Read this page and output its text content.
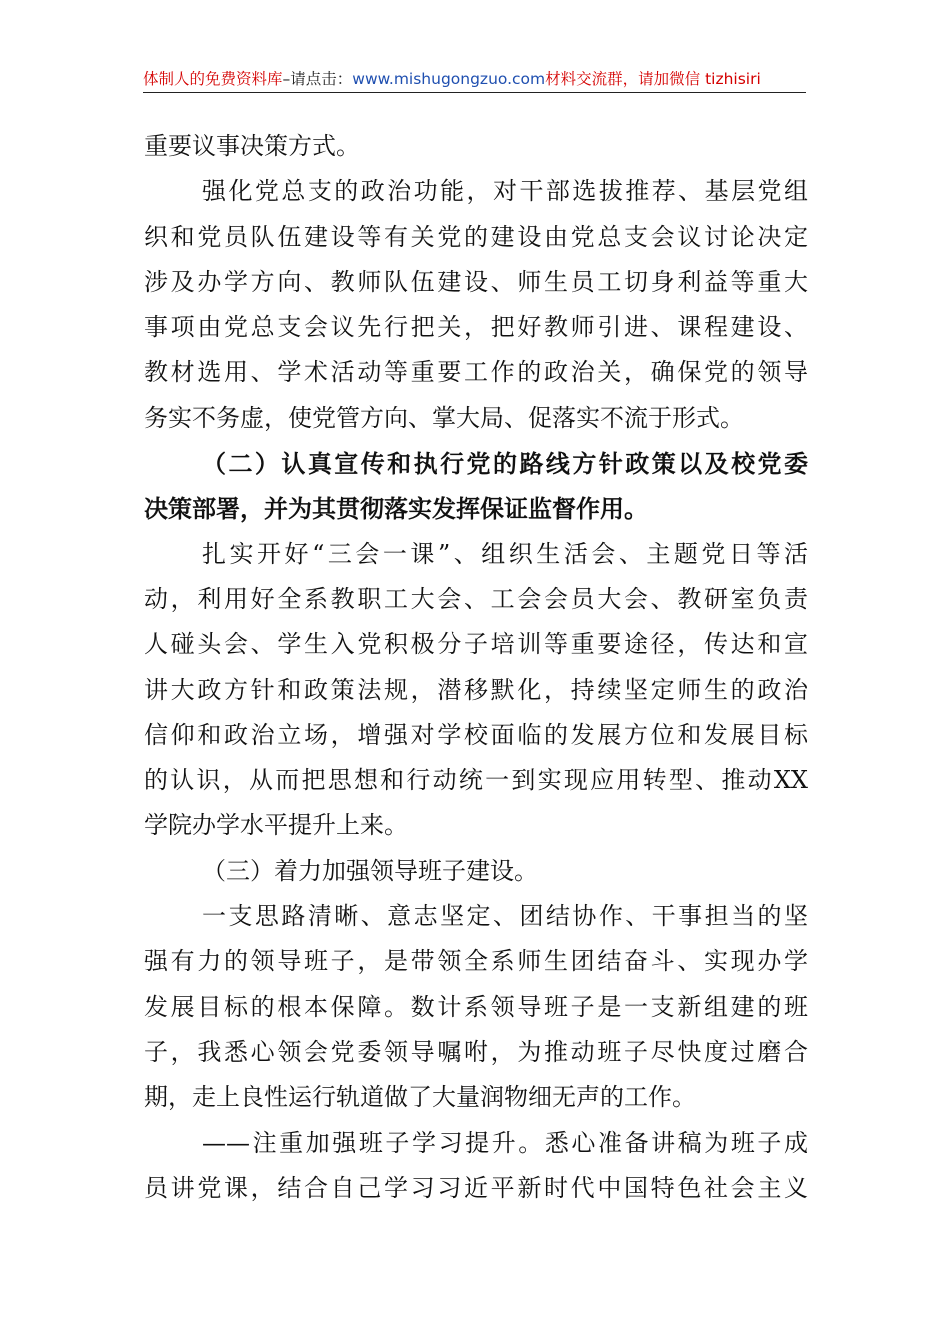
体制人的免费资料库–请点击：www.mishugongzuo.com材料交流群，请加微信 tizhisiri
重要议事决策方式。
强化党总支的政治功能，对干部选拔推荐、基层党组
织和党员队伍建设等有关党的建设由党总支会议讨论决定
涉及办学方向、教师队伍建设、师生员工切身利益等重大
事项由党总支会议先行把关，把好教师引进、课程建设、
教材选用、学术活动等重要工作的政治关，确保党的领导
务实不务虚，使党管方向、掌大局、促落实不流于形式。
（二）认真宣传和执行党的路线方针政策以及校党委
决策部署，并为其贯彻落实发挥保证监督作用。
扎实开好“三会一课”、组织生活会、主题党日等活
动，利用好全系教职工大会、工会会员大会、教研室负责
人碰头会、学生入党积极分子培训等重要途径，传达和宣
讲大政方针和政策法规，潜移默化，持续坚定师生的政治
信仰和政治立场，增强对学校面临的发展方位和发展目标
的认识，从而把思想和行动统一到实现应用转型、推动XX
学院办学水平提升上来。
（三）着力加强领导班子建设。
一支思路清晰、意志坚定、团结协作、干事担当的坚
强有力的领导班子，是带领全系师生团结奋斗、实现办学
发展目标的根本保障。数计系领导班子是一支新组建的班
子，我悉心领会党委领导嘱咐，为推动班子尽快度过磨合
期，走上良性运行轨道做了大量润物细无声的工作。
——注重加强班子学习提升。悉心准备讲稿为班子成
员讲党课，结合自己学习习近平新时代中国特色社会主义
